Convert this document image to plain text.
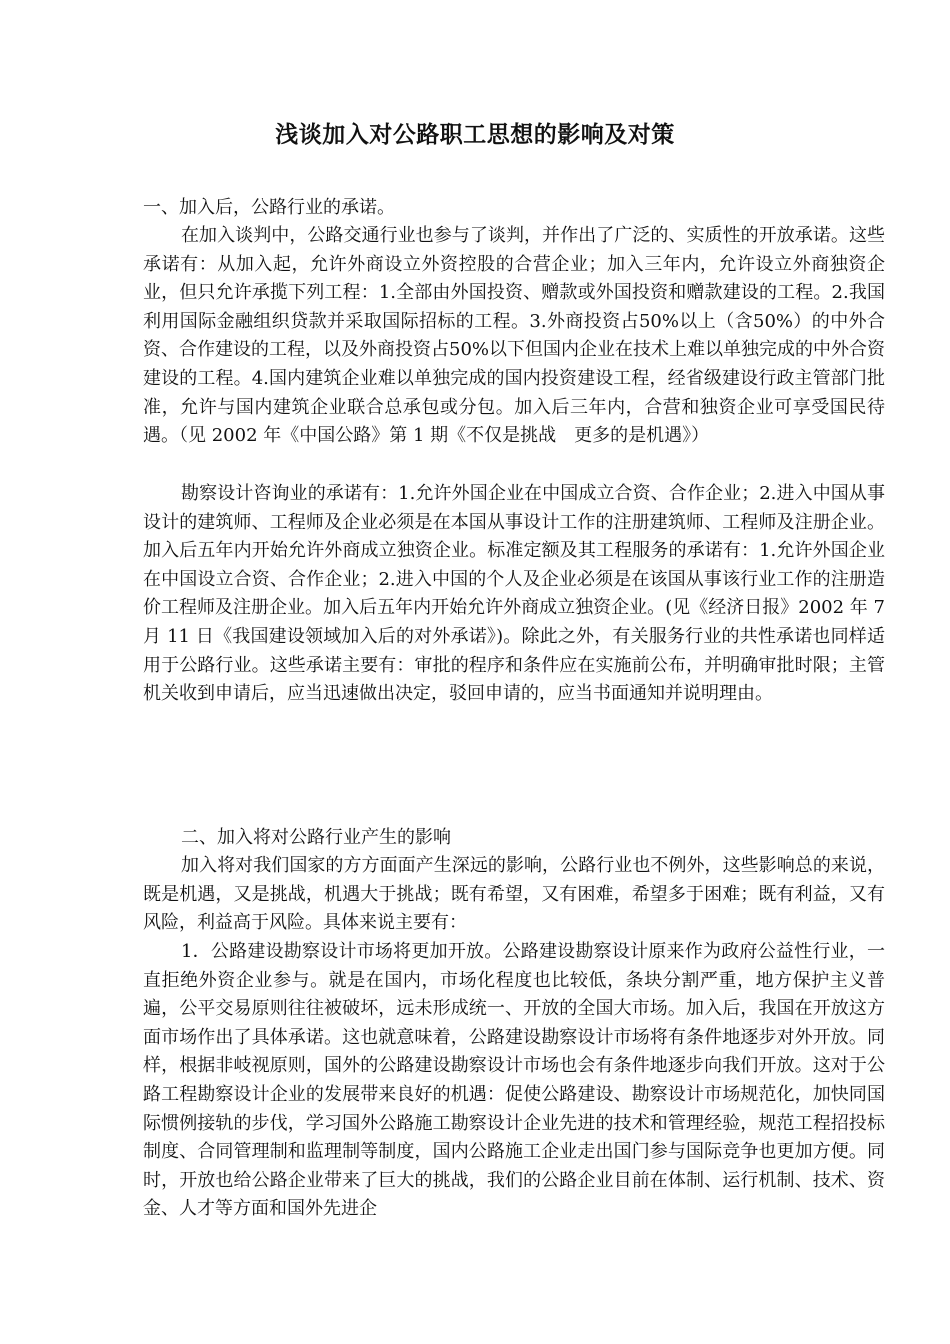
浅谈加入对公路职工思想的影响及对策
一、加入后，公路行业的承诺。

在加入谈判中，公路交通行业也参与了谈判，并作出了广泛的、实质性的开放承诺。这些承诺有：从加入起，允许外商设立外资控股的合营企业；加入三年内，允许设立外商独资企业，但只允许承揽下列工程：1.全部由外国投资、赠款或外国投资和赠款建设的工程。2.我国利用国际金融组织贷款并采取国际招标的工程。3.外商投资占50%以上（含50%）的中外合资、合作建设的工程，以及外商投资占50%以下但国内企业在技术上难以单独完成的中外合资建设的工程。4.国内建筑企业难以单独完成的国内投资建设工程，经省级建设行政主管部门批准，允许与国内建筑企业联合总承包或分包。加入后三年内，合营和独资企业可享受国民待遇。（见 2002 年《中国公路》第 1 期《不仅是挑战　更多的是机遇》）

勘察设计咨询业的承诺有：1.允许外国企业在中国成立合资、合作企业；2.进入中国从事设计的建筑师、工程师及企业必须是在本国从事设计工作的注册建筑师、工程师及注册企业。加入后五年内开始允许外商成立独资企业。标准定额及其工程服务的承诺有：1.允许外国企业在中国设立合资、合作企业；2.进入中国的个人及企业必须是在该国从事该行业工作的注册造价工程师及注册企业。加入后五年内开始允许外商成立独资企业。(见《经济日报》2002 年 7 月 11 日《我国建设领域加入后的对外承诺》)。除此之外，有关服务行业的共性承诺也同样适用于公路行业。这些承诺主要有：审批的程序和条件应在实施前公布，并明确审批时限；主管机关收到申请后，应当迅速做出决定，驳回申请的，应当书面通知并说明理由。

二、加入将对公路行业产生的影响

加入将对我们国家的方方面面产生深远的影响，公路行业也不例外，这些影响总的来说，既是机遇，又是挑战，机遇大于挑战；既有希望，又有困难，希望多于困难；既有利益，又有风险，利益高于风险。具体来说主要有：

1．公路建设勘察设计市场将更加开放。公路建设勘察设计原来作为政府公益性行业，一直拒绝外资企业参与。就是在国内，市场化程度也比较低，条块分割严重，地方保护主义普遍，公平交易原则往往被破坏，远未形成统一、开放的全国大市场。加入后，我国在开放这方面市场作出了具体承诺。这也就意味着，公路建设勘察设计市场将有条件地逐步对外开放。同样，根据非岐视原则，国外的公路建设勘察设计市场也会有条件地逐步向我们开放。这对于公路工程勘察设计企业的发展带来良好的机遇：促使公路建设、勘察设计市场规范化，加快同国际惯例接轨的步伐，学习国外公路施工勘察设计企业先进的技术和管理经验，规范工程招投标制度、合同管理制和监理制等制度，国内公路施工企业走出国门参与国际竞争也更加方便。同时，开放也给公路企业带来了巨大的挑战，我们的公路企业目前在体制、运行机制、技术、资金、人才等方面和国外先进企
